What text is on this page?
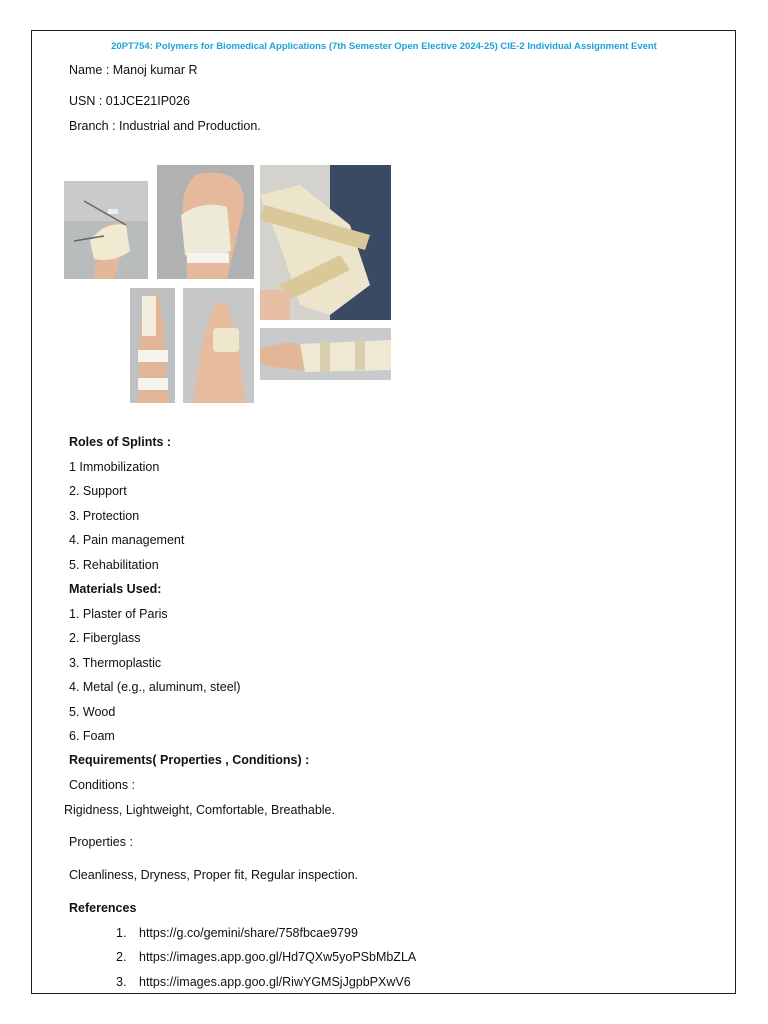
20PT754: Polymers for Biomedical Applications (7th Semester Open Elective 2024-25) CIE-2 Individual Assignment Event
Name : Manoj kumar R
USN : 01JCE21IP026
Branch : Industrial and Production.
Roles of Splints :
1 Immobilization
2. Support
3. Protection
4. Pain management
5. Rehabilitation
Materials Used:
1. Plaster of Paris
2. Fiberglass
3. Thermoplastic
4. Metal (e.g., aluminum, steel)
5. Wood
6. Foam
Requirements( Properties , Conditions) :
Conditions :
Rigidness, Lightweight, Comfortable, Breathable.
Properties :
Cleanliness, Dryness, Proper fit, Regular inspection.
References
1. https://g.co/gemini/share/758fbcae9799
2. https://images.app.goo.gl/Hd7QXw5yoPSbMbZLA
3. https://images.app.goo.gl/RiwYGMSjJgpbPXwV6
